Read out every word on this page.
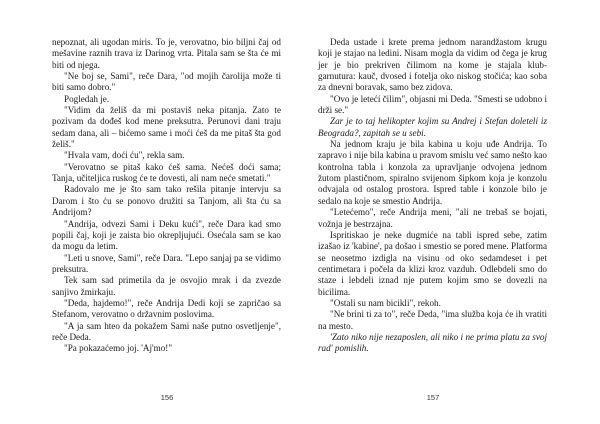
nepoznat, ali ugodan miris. To je, verovatno, bio biljni čaj od mešavine raznih trava iz Darinog vrta. Pitala sam se šta će mi biti od njega.

"Ne boj se, Sami", reče Dara, "od mojih čarolija može ti biti samo dobro."

Pogledah je.

"Vidim da želiš da mi postaviš neka pitanja. Zato te pozivam da dođeš kod mene preksutra. Perunovi dani traju sedam dana, ali – bićemo same i moći ćeš da me pitaš šta god želiš."

"Hvala vam, doći ću", rekla sam.

"Verovatno se pitaš kako ćeš sama. Nećeš doći sama; Tanja, učiteljica ruskog će te dovesti, ali nam neće smetati."

Radovalo me je što sam tako rešila pitanje intervju sa Darom i što ću se ponovo družiti sa Tanjom, ali šta ću sa Andrijom?

"Andrija, odvezi Sami i Deku kući", reče Dara kad smo popili čaj, koji je zaista bio okrepljujući. Osećala sam se kao da mogu da letim.

"Leti u snove, Sami", reče Dara. "Lepo sanjaj pa se vidimo preksutra.

Tek sam sad primetila da je osvojio mrak i da zvezde sanjivo žmirkaju.

"Deda, hajdemo!", reče Andrija Dedi koji se zapričao sa Stefanom, verovatno o državnim poslovima.

"A ja sam hteo da pokažem Sami naše putno osvetljenje", reče Deda.

"Pa pokazaćemo joj. 'Aj'mo!"

156

Deda ustade i krete prema jednom narandžastom krugu koji je stajao na ledini. Nisam mogla da vidim od čega je krug jer je bio prekriven čilimom na kome je stajala klub-garnutura: kauč, dvosed i fotelja oko niskog stočića; kao soba za dnevni boravak, samo bez zidova.

"Ovo je letećí čilim", objasni mi Deda. "Smesti se udobno i drži se."

Zar je to taj helikopter kojim su Andrej i Stefan doleteli iz Beograda?, zapitah se u sebi.

Na jednom kraju je bila kabina u koju uđe Andrija. To zapravo i nije bila kabina u pravom smislu već samo nešto kao kontrolna tabla i konzola za upravljanje odvojena jednom žutom plastičnom, spiralno svijenom šipkom koja je konzolu odvajala od ostalog prostora. Ispred table i konzole bilo je sedalo na koje se smestio Andrija.

"Letećemo", reče Andrija meni, "ali ne trebaš se bojati, vožnja je bestrzajna.

Ispritiskao je neke dugmiće na tabli ispred sebe, zatim izašao iz 'kabine', pa došao i smestio se pored mene. Platforma se neosetmo izdigla na visinu od oko sedamdeset i pet centimetara i počela da klizi kroz vazduh. Odlebdeli smo do staze i lebdeli iznad nje putem kojim smo se dovezli na bicilima.

"Ostali su nam bicikli", rekoh.

"Ne brini ti za to", reče Deda, "ima služba koja će ih vratiti na mesto.

'Zato niko nije nezaposlen, ali niko i ne prima platu za svoj rad' pomislih.

157
